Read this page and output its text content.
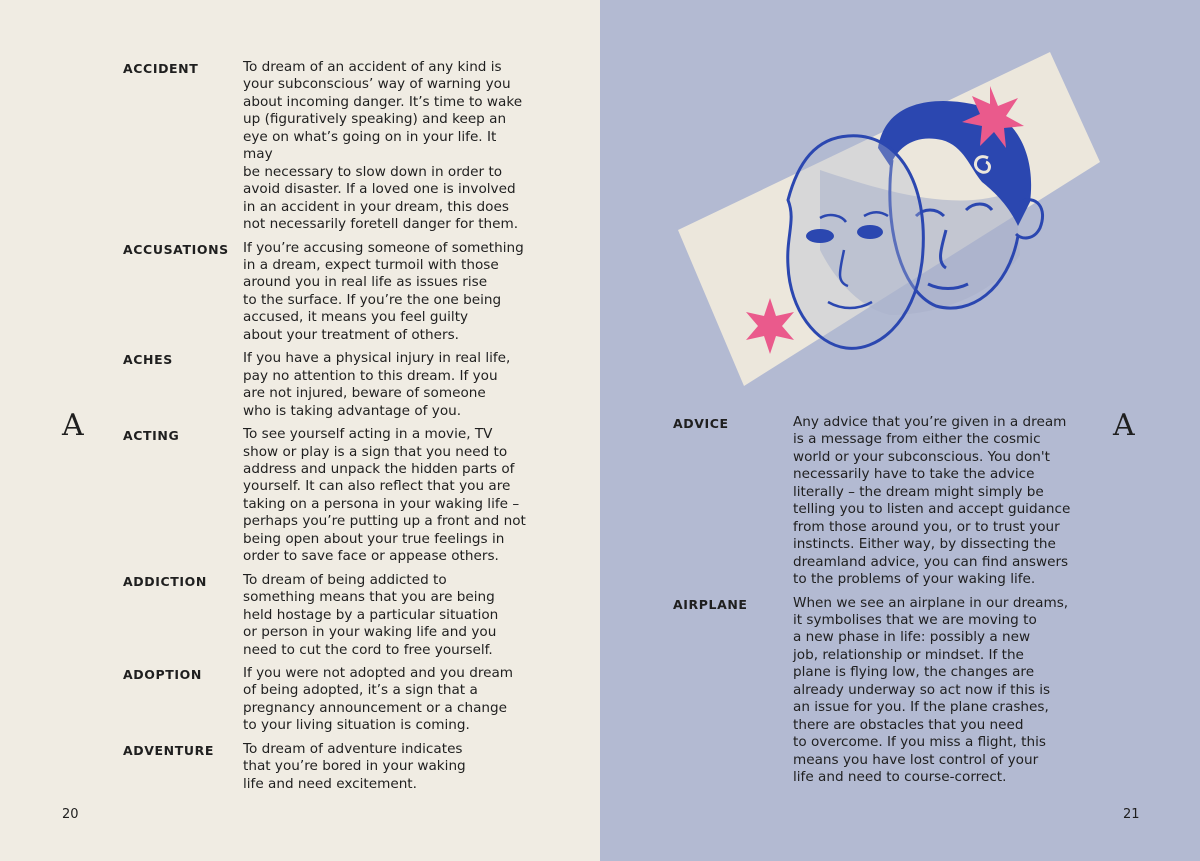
ACCIDENT	To dream of an accident of any kind is
your subconscious’ way of warning you
about incoming danger. It’s time to wake
up (figuratively speaking) and keep an
eye on what’s going on in your life. It may
be necessary to slow down in order to
avoid disaster. If a loved one is involved
in an accident in your dream, this does
not necessarily foretell danger for them.

ACCUSATIONS	If you’re accusing someone of something
in a dream, expect turmoil with those
around you in real life as issues rise
to the surface. If you’re the one being
accused, it means you feel guilty
about your treatment of others.

ACHES	If you have a physical injury in real life,
pay no attention to this dream. If you
are not injured, beware of someone
who is taking advantage of you.

ACTING	To see yourself acting in a movie, TV
show or play is a sign that you need to
address and unpack the hidden parts of
yourself. It can also reflect that you are
taking on a persona in your waking life –
perhaps you’re putting up a front and not
being open about your true feelings in
order to save face or appease others.

ADDICTION	To dream of being addicted to
something means that you are being
held hostage by a particular situation
or person in your waking life and you
need to cut the cord to free yourself.

ADOPTION	If you were not adopted and you dream
of being adopted, it’s a sign that a
pregnancy announcement or a change
to your living situation is coming.

ADVENTURE	To dream of adventure indicates
that you’re bored in your waking
life and need excitement.

A
20
ADVICE	Any advice that you’re given in a dream
is a message from either the cosmic
world or your subconscious. You don't
necessarily have to take the advice
literally – the dream might simply be
telling you to listen and accept guidance
from those around you, or to trust your
instincts. Either way, by dissecting the
dreamland advice, you can find answers
to the problems of your waking life.

AIRPLANE	When we see an airplane in our dreams,
it symbolises that we are moving to
a new phase in life: possibly a new
job, relationship or mindset. If the
plane is flying low, the changes are
already underway so act now if this is
an issue for you. If the plane crashes,
there are obstacles that you need
to overcome. If you miss a flight, this
means you have lost control of your
life and need to course-correct.

A
21
